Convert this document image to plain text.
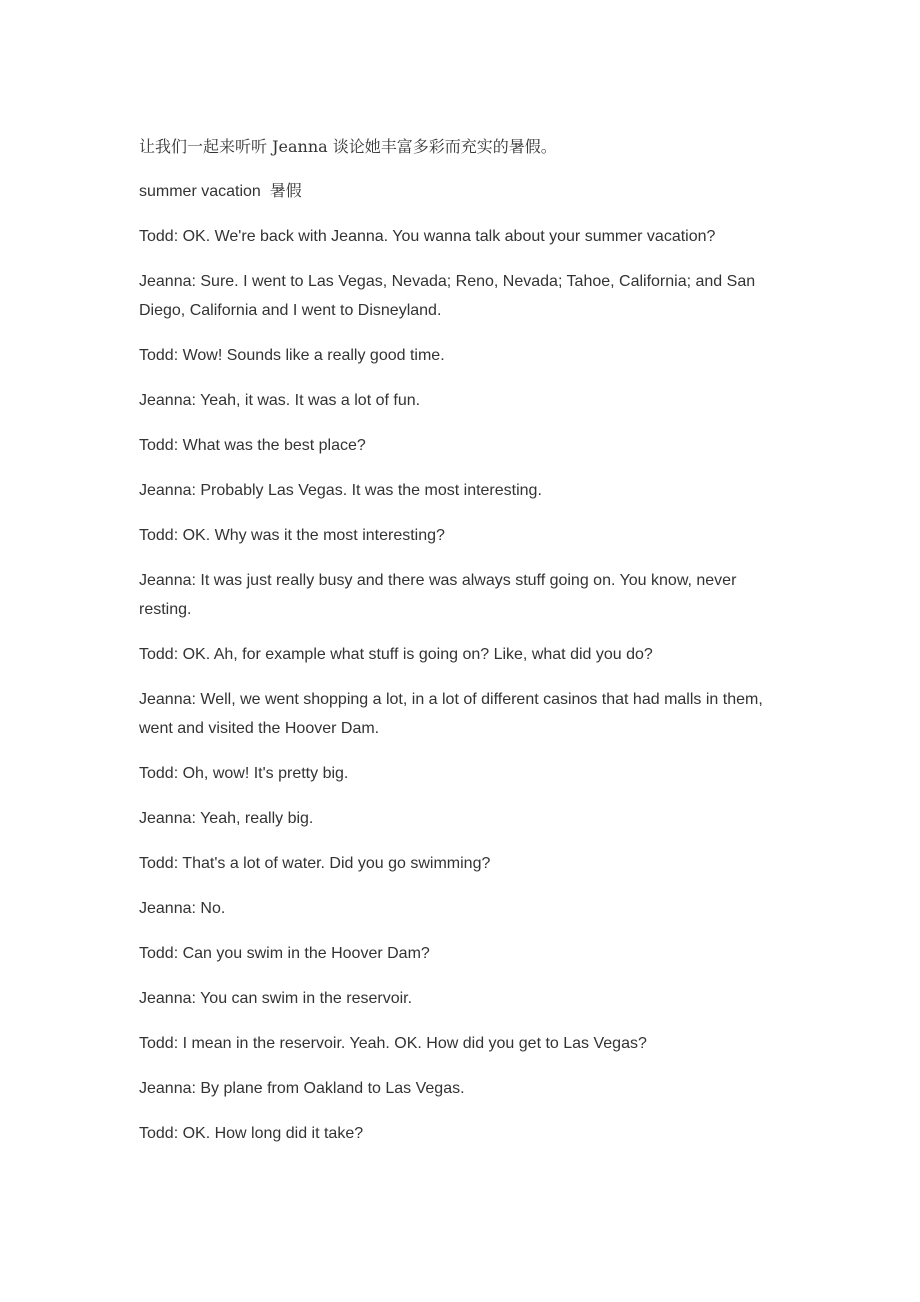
让我们一起来听听 Jeanna 谈论她丰富多彩而充实的暑假。

summer vacation  暑假

Todd: OK. We're back with Jeanna. You wanna talk about your summer vacation?

Jeanna: Sure. I went to Las Vegas, Nevada; Reno, Nevada; Tahoe, California; and San Diego, California and I went to Disneyland.

Todd: Wow! Sounds like a really good time.

Jeanna: Yeah, it was. It was a lot of fun.

Todd: What was the best place?

Jeanna: Probably Las Vegas. It was the most interesting.

Todd: OK. Why was it the most interesting?

Jeanna: It was just really busy and there was always stuff going on. You know, never resting.

Todd: OK. Ah, for example what stuff is going on? Like, what did you do?

Jeanna: Well, we went shopping a lot, in a lot of different casinos that had malls in them, went and visited the Hoover Dam.

Todd: Oh, wow! It's pretty big.

Jeanna: Yeah, really big.

Todd: That's a lot of water. Did you go swimming?

Jeanna: No.

Todd: Can you swim in the Hoover Dam?

Jeanna: You can swim in the reservoir.

Todd: I mean in the reservoir. Yeah. OK. How did you get to Las Vegas?

Jeanna: By plane from Oakland to Las Vegas.

Todd: OK. How long did it take?
